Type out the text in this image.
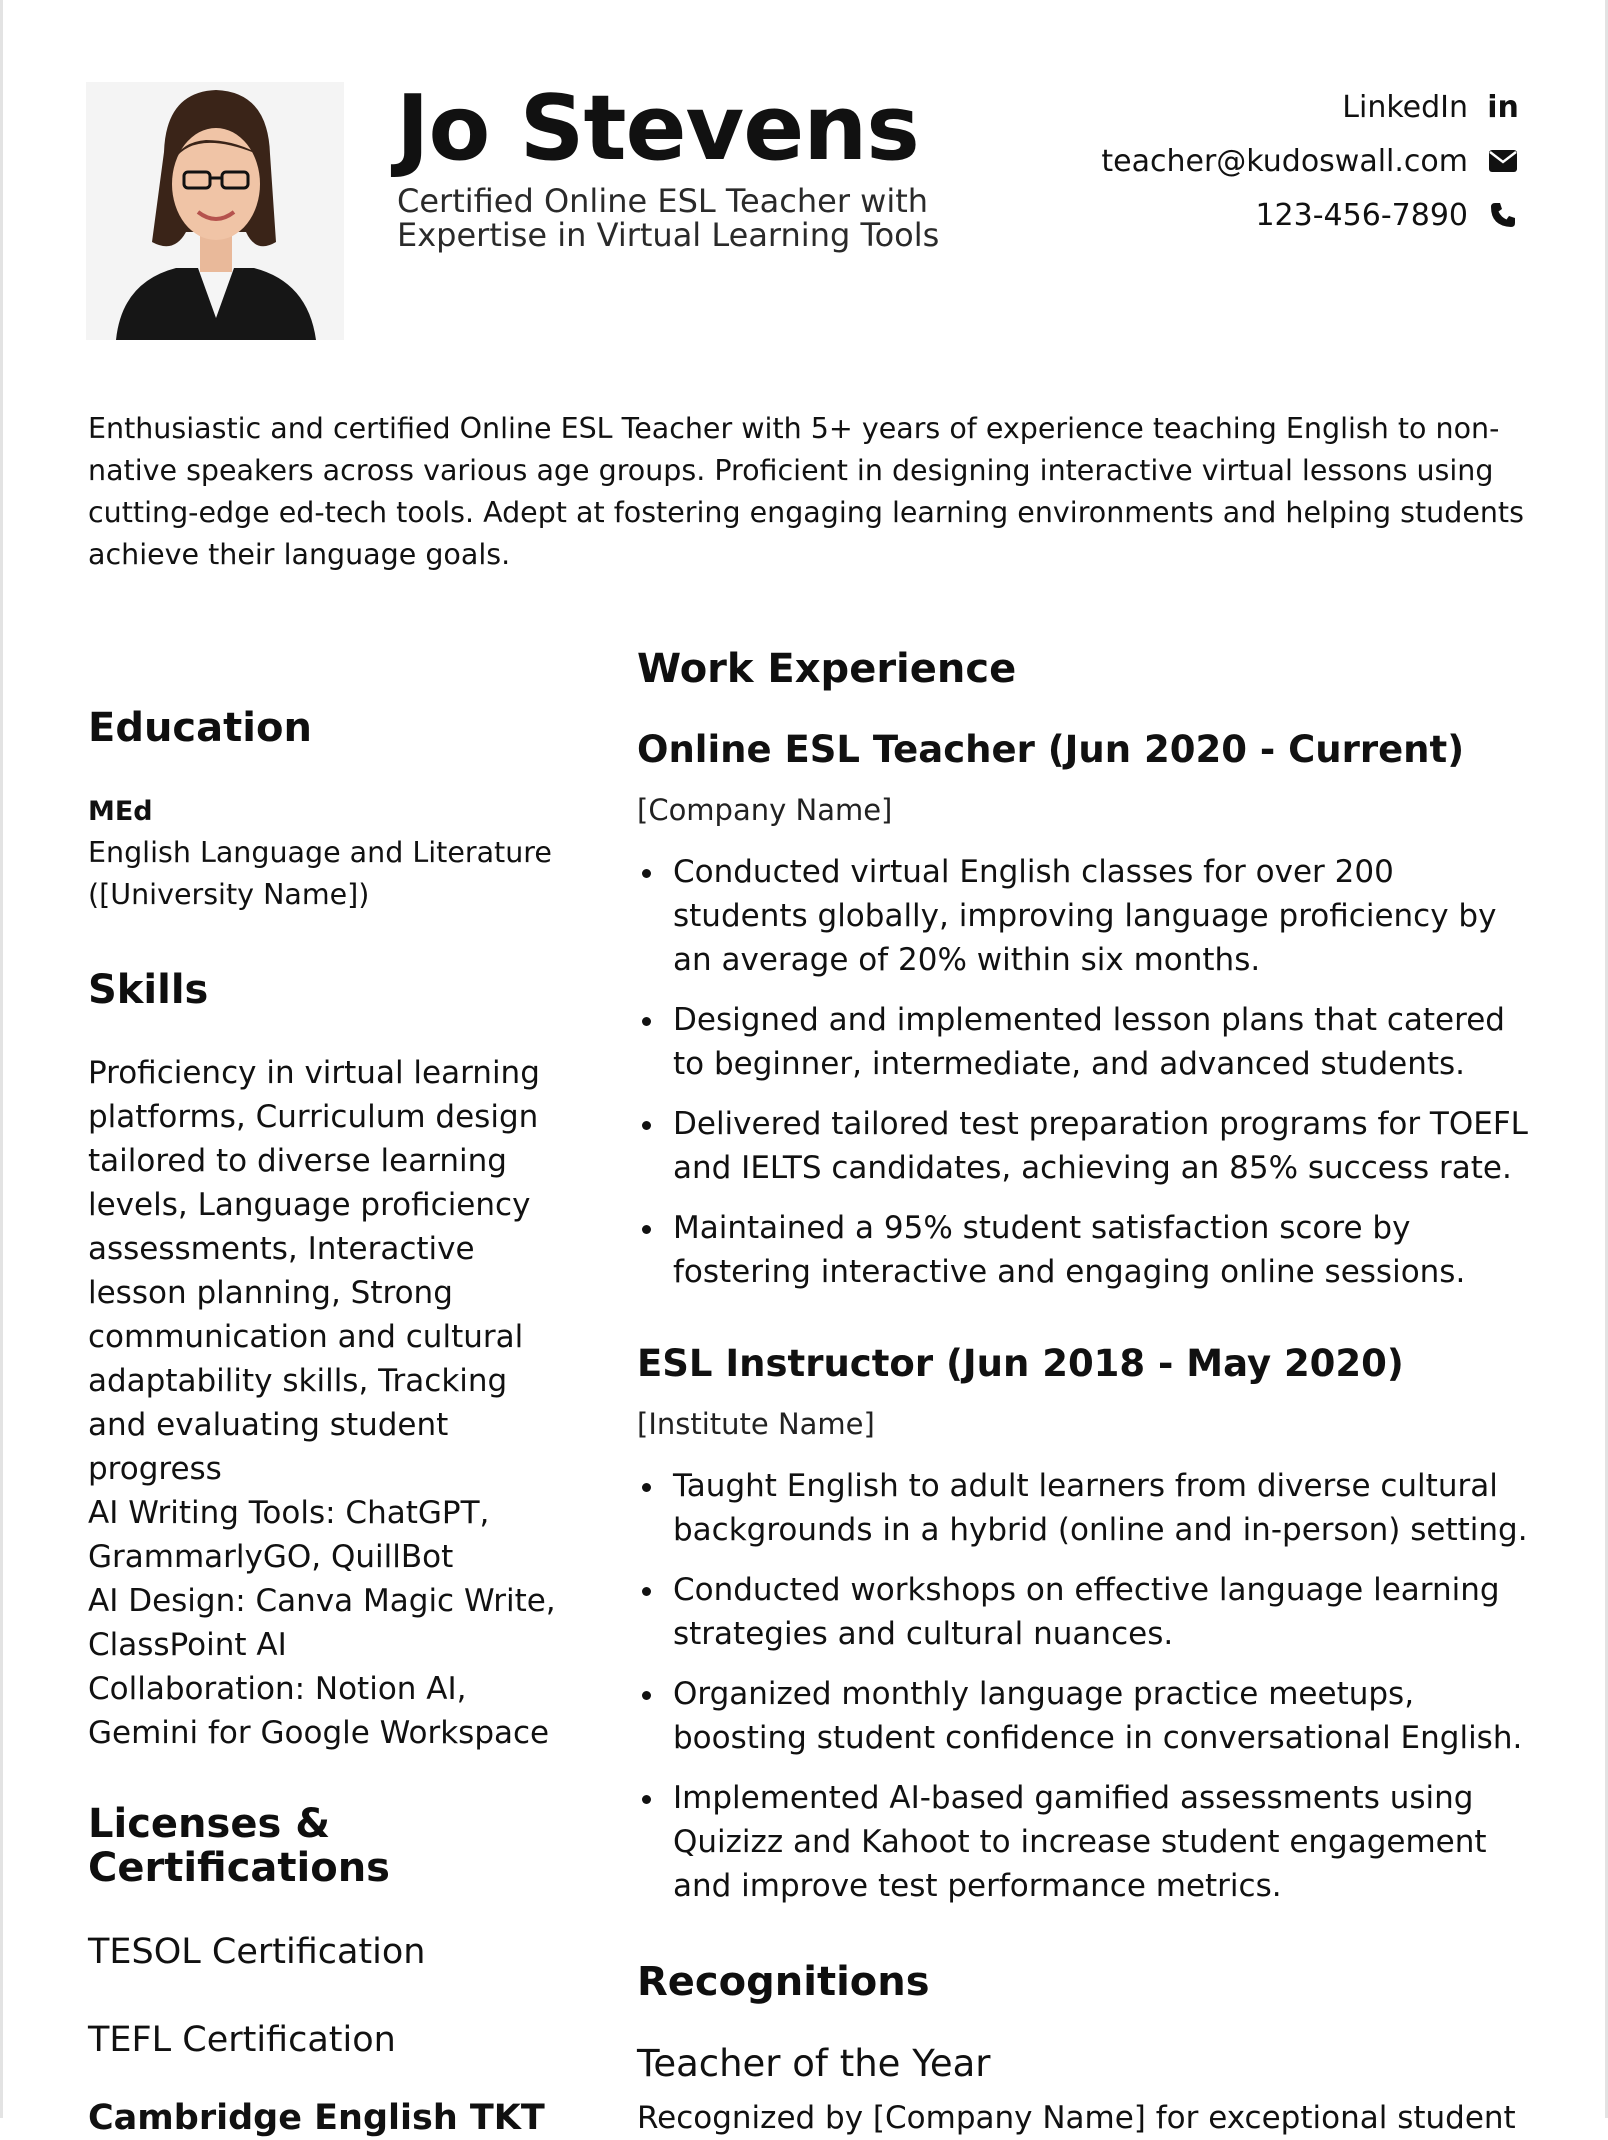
Jo Stevens

Certified Online ESL Teacher with Expertise in Virtual Learning Tools

LinkedIn in
teacher@kudoswall.com
123-456-7890

Enthusiastic and certified Online ESL Teacher with 5+ years of experience teaching English to non-native speakers across various age groups. Proficient in designing interactive virtual lessons using cutting-edge ed-tech tools. Adept at fostering engaging learning environments and helping students achieve their language goals.

Education
MEd
English Language and Literature ([University Name])
Skills
Proficiency in virtual learning platforms, Curriculum design tailored to diverse learning levels, Language proficiency assessments, Interactive lesson planning, Strong communication and cultural adaptability skills, Tracking and evaluating student progress
AI Writing Tools: ChatGPT, GrammarlyGO, QuillBot
AI Design: Canva Magic Write, ClassPoint AI
Collaboration: Notion AI, Gemini for Google Workspace
Licenses & Certifications
TESOL Certification
TEFL Certification
Cambridge English TKT
Work Experience
Online ESL Teacher (Jun 2020 - Current)
[Company Name]
Conducted virtual English classes for over 200 students globally, improving language proficiency by an average of 20% within six months.
Designed and implemented lesson plans that catered to beginner, intermediate, and advanced students.
Delivered tailored test preparation programs for TOEFL and IELTS candidates, achieving an 85% success rate.
Maintained a 95% student satisfaction score by fostering interactive and engaging online sessions.
ESL Instructor (Jun 2018 - May 2020)
[Institute Name]
Taught English to adult learners from diverse cultural backgrounds in a hybrid (online and in-person) setting.
Conducted workshops on effective language learning strategies and cultural nuances.
Organized monthly language practice meetups, boosting student confidence in conversational English.
Implemented AI-based gamified assessments using Quizizz and Kahoot to increase student engagement and improve test performance metrics.
Recognitions
Teacher of the Year
Recognized by [Company Name] for exceptional student
